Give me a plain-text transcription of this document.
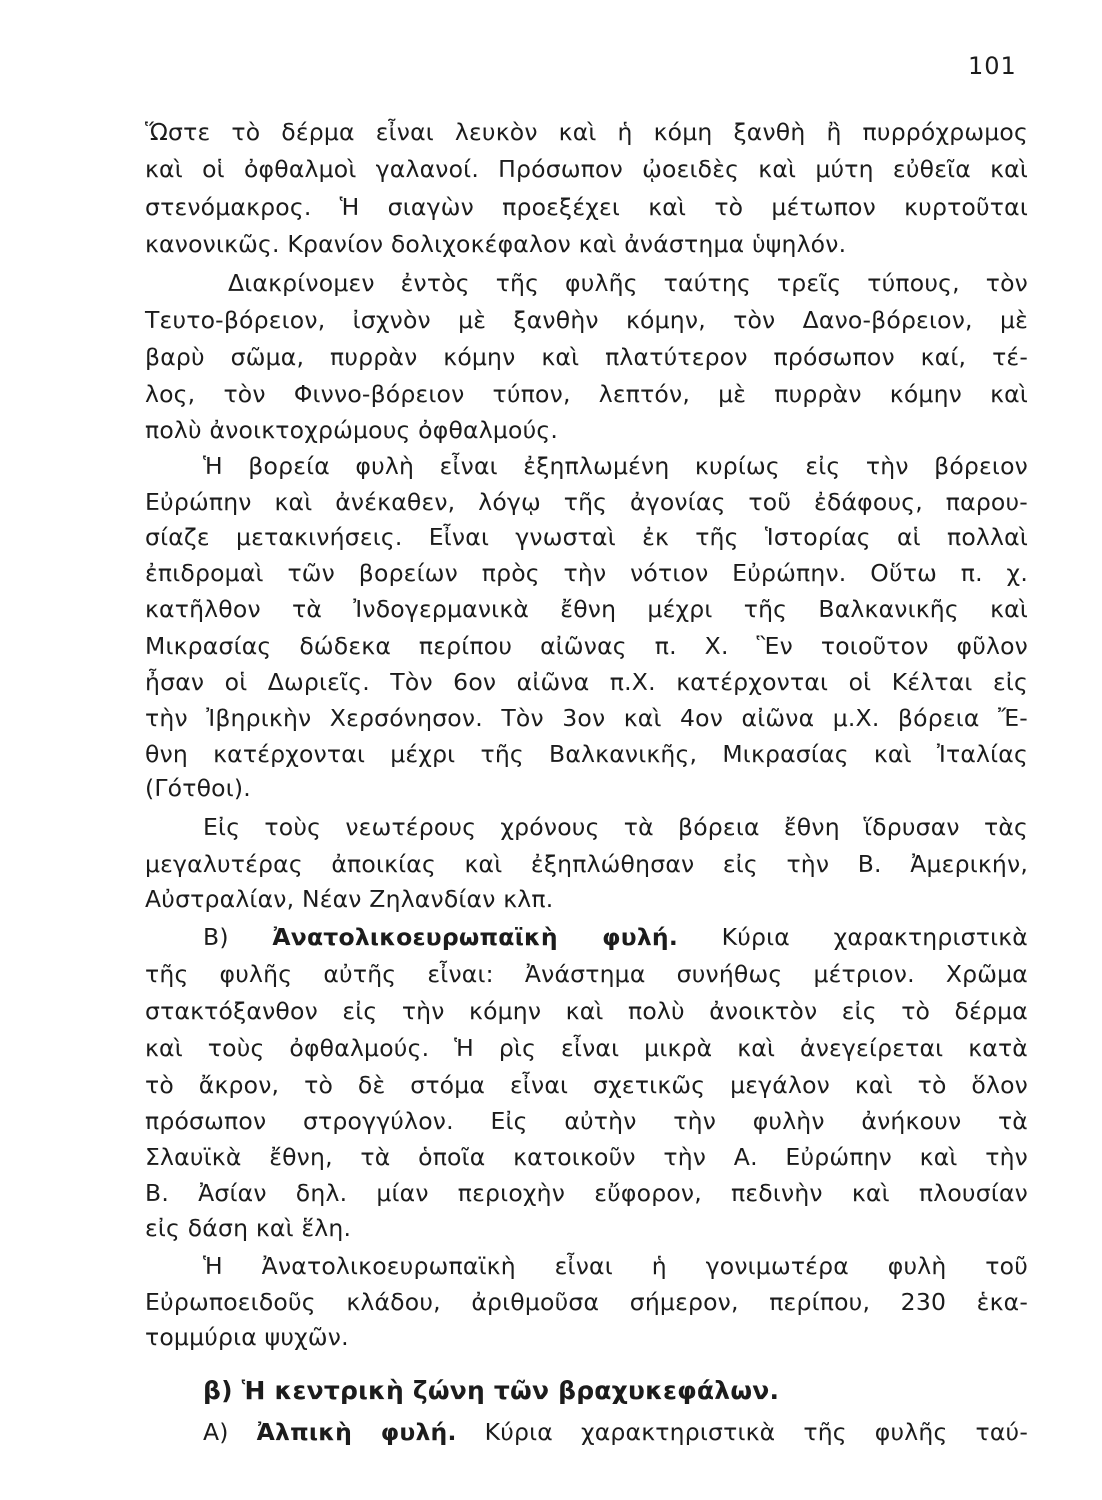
101
Ὥστε τὸ δέρμα εἶναι λευκὸν καὶ ἡ κόμη ξανθὴ ἢ πυρρόχρωμος
καὶ οἱ ὀφθαλμοὶ γαλανοί. Πρόσωπον ᾠοειδὲς καὶ μύτη εὐθεῖα καὶ
στενόμακρος. Ἡ σιαγὼν προεξέχει καὶ τὸ μέτωπον κυρτοῦται
κανονικῶς. Κρανίον δολιχοκέφαλον καὶ ἀνάστημα ὑψηλόν.
Διακρίνομεν ἐντὸς τῆς φυλῆς ταύτης τρεῖς τύπους, τὸν
Τευτο-βόρειον, ἰσχνὸν μὲ ξανθὴν κόμην, τὸν Δανο-βόρειον, μὲ
βαρὺ σῶμα, πυρρὰν κόμην καὶ πλατύτερον πρόσωπον καί, τέ-
λος, τὸν Φιννο-βόρειον τύπον, λεπτόν, μὲ πυρρὰν κόμην καὶ
πολὺ ἀνοικτοχρώμους ὀφθαλμούς.
Ἡ βορεία φυλὴ εἶναι ἐξηπλωμένη κυρίως εἰς τὴν βόρειον
Εὐρώπην καὶ ἀνέκαθεν, λόγῳ τῆς ἀγονίας τοῦ ἐδάφους, παρου-
σίαζε μετακινήσεις. Εἶναι γνωσταὶ ἐκ τῆς Ἱστορίας αἱ πολλαὶ
ἐπιδρομαὶ τῶν βορείων πρὸς τὴν νότιον Εὐρώπην. Οὕτω π. χ.
κατῆλθον τὰ Ἰνδογερμανικὰ ἔθνη μέχρι τῆς Βαλκανικῆς καὶ
Μικρασίας δώδεκα περίπου αἰῶνας π. Χ. Ἓν τοιοῦτον φῦλον
ἦσαν οἱ Δωριεῖς. Τὸν 6ον αἰῶνα π.Χ. κατέρχονται οἱ Κέλται εἰς
τὴν Ἰβηρικὴν Χερσόνησον. Τὸν 3ον καὶ 4ον αἰῶνα μ.Χ. βόρεια Ἔ-
θνη κατέρχονται μέχρι τῆς Βαλκανικῆς, Μικρασίας καὶ Ἰταλίας
(Γότθοι).
Εἰς τοὺς νεωτέρους χρόνους τὰ βόρεια ἔθνη ἵδρυσαν τὰς
μεγαλυτέρας ἀποικίας καὶ ἐξηπλώθησαν εἰς τὴν Β. Ἀμερικήν,
Αὐστραλίαν, Νέαν Ζηλανδίαν κλπ.
Β) Ἀνατολικοευρωπαϊκὴ φυλή. Κύρια χαρακτηριστικὰ
τῆς φυλῆς αὐτῆς εἶναι: Ἀνάστημα συνήθως μέτριον. Χρῶμα
στακτόξανθον εἰς τὴν κόμην καὶ πολὺ ἀνοικτὸν εἰς τὸ δέρμα
καὶ τοὺς ὀφθαλμούς. Ἡ ρὶς εἶναι μικρὰ καὶ ἀνεγείρεται κατὰ
τὸ ἄκρον, τὸ δὲ στόμα εἶναι σχετικῶς μεγάλον καὶ τὸ ὅλον
πρόσωπον στρογγύλον. Εἰς αὐτὴν τὴν φυλὴν ἀνήκουν τὰ
Σλαυϊκὰ ἔθνη, τὰ ὁποῖα κατοικοῦν τὴν Α. Εὐρώπην καὶ τὴν
Β. Ἀσίαν δηλ. μίαν περιοχὴν εὔφορον, πεδινὴν καὶ πλουσίαν
εἰς δάση καὶ ἕλη.
Ἡ Ἀνατολικοευρωπαϊκὴ εἶναι ἡ γονιμωτέρα φυλὴ τοῦ
Εὐρωποειδοῦς κλάδου, ἀριθμοῦσα σήμερον, περίπου, 230 ἑκα-
τομμύρια ψυχῶν.
β) Ἡ κεντρικὴ ζώνη τῶν βραχυκεφάλων.
Α) Ἀλπικὴ φυλή. Κύρια χαρακτηριστικὰ τῆς φυλῆς ταύ-
